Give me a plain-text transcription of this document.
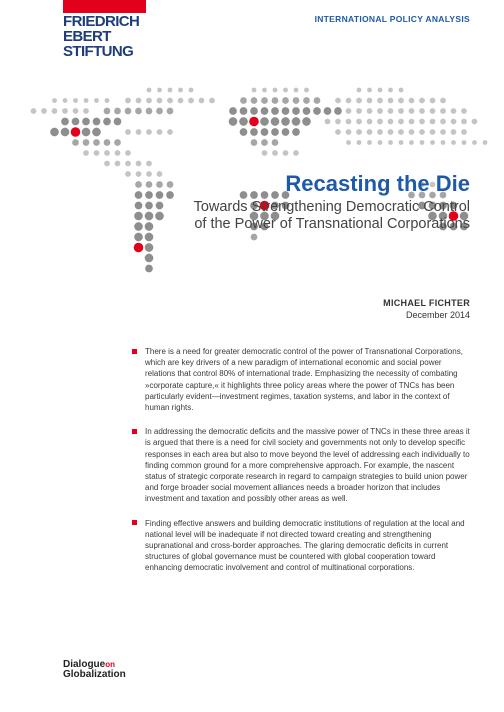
FRIEDRICH
EBERT
STIFTUNG
INTERNATIONAL POLICY ANALYSIS
Recasting the Die
Towards Strengthening Democratic Control
of the Power of Transnational Corporations
MICHAEL FICHTER
December 2014
There is a need for greater democratic control of the power of Transnational Corporations, which are key drivers of a new paradigm of international economic and social power relations that control 80% of international trade. Emphasizing the necessity of combating »corporate capture,« it highlights three policy areas where the power of TNCs has been particularly evident—investment regimes, taxation systems, and labor in the context of human rights.
In addressing the democratic deficits and the massive power of TNCs in these three areas it is argued that there is a need for civil society and governments not only to develop specific responses in each area but also to move beyond the level of addressing each individually to finding common ground for a more comprehensive approach. For example, the nascent status of strategic corporate research in regard to campaign strategies to build union power and forge broader social movement alliances needs a broader horizon that includes investment and taxation and possibly other areas as well.
Finding effective answers and building democratic institutions of regulation at the local and national level will be inadequate if not directed toward creating and strengthening supranational and cross-border approaches. The glaring democratic deficits in current structures of global governance must be countered with global cooperation toward enhancing democratic involvement and control of multinational corporations.
Dialogueon
Globalization
